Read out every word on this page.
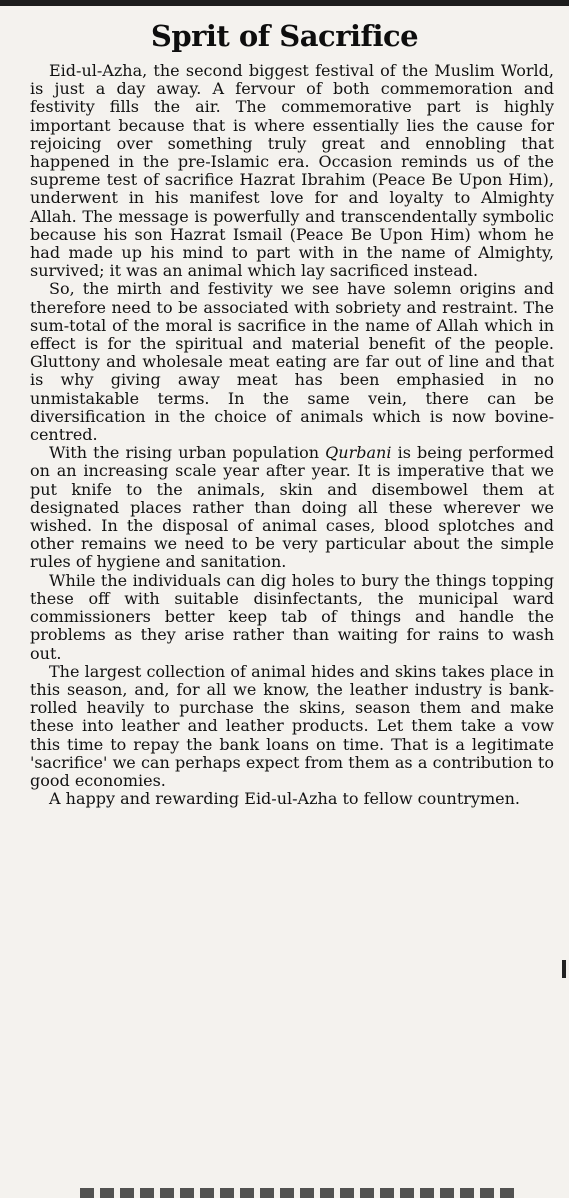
Sprit of Sacrifice

Eid-ul-Azha, the second biggest festival of the Muslim World, is just a day away. A fervour of both commemoration and festivity fills the air. The commemorative part is highly important because that is where essentially lies the cause for rejoicing over something truly great and ennobling that happened in the pre-Islamic era. Occasion reminds us of the supreme test of sacrifice Hazrat Ibrahim (Peace Be Upon Him), underwent in his manifest love for and loyalty to Almighty Allah. The message is powerfully and transcendentally symbolic because his son Hazrat Ismail (Peace Be Upon Him) whom he had made up his mind to part with in the name of Almighty, survived; it was an animal which lay sacrificed instead.

So, the mirth and festivity we see have solemn origins and therefore need to be associated with sobriety and restraint. The sum-total of the moral is sacrifice in the name of Allah which in effect is for the spiritual and material benefit of the people. Gluttony and wholesale meat eating are far out of line and that is why giving away meat has been emphasied in no unmistakable terms. In the same vein, there can be diversification in the choice of animals which is now bovine-centred.

With the rising urban population Qurbani is being performed on an increasing scale year after year. It is imperative that we put knife to the animals, skin and disembowel them at designated places rather than doing all these wherever we wished. In the disposal of animal cases, blood splotches and other remains we need to be very particular about the simple rules of hygiene and sanitation.

While the individuals can dig holes to bury the things topping these off with suitable disinfectants, the municipal ward commissioners better keep tab of things and handle the problems as they arise rather than waiting for rains to wash out.

The largest collection of animal hides and skins takes place in this season, and, for all we know, the leather industry is bank-rolled heavily to purchase the skins, season them and make these into leather and leather products. Let them take a vow this time to repay the bank loans on time. That is a legitimate 'sacrifice' we can perhaps expect from them as a contribution to good economies.

A happy and rewarding Eid-ul-Azha to fellow countrymen.
